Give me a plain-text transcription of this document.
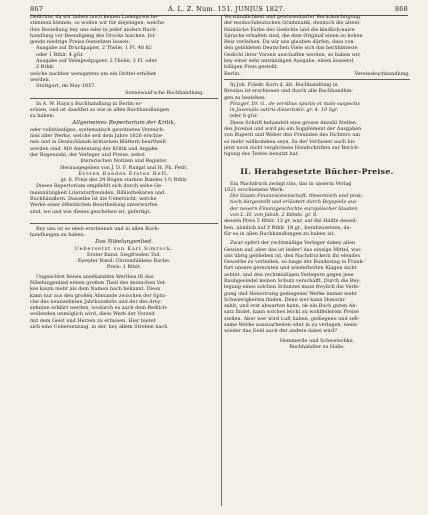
867	A. L. Z. Num. 151. JUNIUS 1827.	868

Gedichte; da wir indess noch keinen Ladenpreis be-

stimmen können, so wollen wir für diejenigen, welche

ihre Bestellung bey uns oder in jeder andern Buch-

handlung vor Beendigung des Drucks machen, fol-

gende niedrige Preise festsetzen lassen:

Ausgabe auf Druckpapier, 2 Theile, 1 Fl. 48 Kr.

oder 1 Rthlr. 4 gGr.

Ausgabe auf Velinpostpapier, 2 Theile, 3 Fl. oder

2 Rthlr.

welche nachher wenigstens um ein Drittel erhöhet

werden.

Stuttgart, im May 1827.

Sonnewald'sche Buchhandlung.

In A. W. Hayn's Buchhandlung in Berlin er-

schien, und ist daselbst so wie in allen Buchhandlungen

zu haben:

Allgemeines Repertorium der Kritik,

oder vollständiges, systematisch geordnetes Verzeich-

niss aller Werke, welche seit dem Jahre 1826 erschie-

nen und in Deutschlands kritischen Blättern beurtheilt

worden sind. Mit Andeutung der Kritik und Angabe

der Bogenzahl, der Verleger und Preise, nebst

literarischen Notizen und Register.

Herausgegeben von J. D. F. Rumpf und H. Ph. Petri.

Ersten Bandes Erstes Heft.

gr. 8. Preis des 24 Bogen starken Bandes 1½ Rthlr.

Dieses Repertorium empfiehlt sich durch seine Ge-

meinnützigkeit Literaturfreunden, Bibliothekaren und

Buchhändlern. Dasselbe ist die Uebersicht, welche

Werke einer öffentlichen Beurtheilung unterworfen

sind, wo und wie dieses geschehen ist, gefertigt.

Bey uns ist so eben erschienen und in allen Buch-

handlungen zu haben:

Das Nibelungenlied.

Uebersetzt von Karl Simrock.

Erster Band: Siegfrieden Tod.

Zweyter Band: Chriemhildens Rache.

Preis: 1 Rthlr.

Ungeachtet feines anerkannten Werthes ift das

Nibelungenlied einem großen Theil des deutschen Vol-

kes kaum mehr als dem Namen nach bekannt. Diess

kann nur aus den großen Abstande zwischen der Spra-

che des neunzehnten Jahrhunderts und der des drey-

zehnten erklärt werden, wodurch es auch dem Redlich-

wollenden unmöglich wird, diess Werk der Vorzeit

mit dem Geist und Herzen zu erfassen. Hier bietet

sich eine Uebersetzung, in der, bey allem Streben nach

Verständlichkeit und gewissenhafter Berücksichtigung

der neuhochdeutschen Grammatik, dennoch die altein-

thümliche Farbe des Gedichts und die kindlich-naive

Sprache erhalten sind, die dem Original einen so hohen

Reiz verleihen. Da wir uns glauben dürfen, dass von

den gebildeten Deutschen Viele sich das berühmteste

Gedicht ihrer Vorzeit anschaffen werden, so haben wir,

bey einer sehr anständigen Ausgabe, einen äusserst

billigen Preis gestellt.

Berlin.	Vereinsbuchhandlung.

In Joh. Friedr. Korn d. ält. Buchhandlung in

Breslau ist erschienen und durch alle Buchhandlun-

gen zu beziehen:

Pinzger, Dr. G., de versibus spuriis et male suspectis

in Juvenalis satiris dissertatio. gr. 4. 10 Sgr.

oder 8 gGr.

Diese Schrift behandelt eine grosse Anzahl Stellen

des Juvenal und wird als ein Supplement der Ausgaben

von Ruperti und Weber den Freunden des Dichters um

so mehr willkommen seyn, da der Verfasser auch bis

jetzt noch nicht verglichene Handschriften zur Berich-

tigung des Textes benutzt hat.

II. Herabgesetzte Bücher-Preise.

Ein Nachdruck zwingt uns, das in unserm Verlag

1821 erschienene Werk:

Die Staats-Finanzwissenschaft, theoretisch und prak-

tisch dargestellt und erläutert durch Beyspiele aus

der neuern Finanzgeschichte europäischer Staaten

von L. H. von Jakob. 2 Bände. gr. 8.

dessen Preis 5 Rthlr. 12 gr. war, auf die Hälfte dessel-

ben, nämlich auf 2 Rthlr. 18 gr., herabzusetzen, da-

für es in allen Buchhandlungen zu haben ist.

Zwar opfert der rechtmäßige Verleger dabey allen

Gewinn auf, aber das ist leider! das einzige Mittel, was

uns übrig geblieben ist, den Nachdruckern ihr elendes

Gewerbe zu verleiden, so lange der Bundestag in Frank-

furt unsere gerechten und wiederholten Klagen nicht

achtet, und den rechtmäßigen Verlegern gegen jene

Raubgesindel keinen Schutz verschafft. Durch die Bey-

legung eines solchen Schutzes muss freylich die Verle-

gung und Honorirung gediegener Werke immer mehr

Schwierigkeiten finden. Denn wer kann Honorar

zahlt, und erst abwarten kann, ob ein Buch guten Ab-

satz findet, kann solches leicht zu wohlfeilerem Preise

stellen. Aber wer wird Luft haben, gediegene und selt-

same Werke auszuarbeiten oder in zu verlegen, wenn

wieder das Geld auch der andere dabei wird?

Hemmerde und Schwetschke,

Buchhändler zu Halle.
